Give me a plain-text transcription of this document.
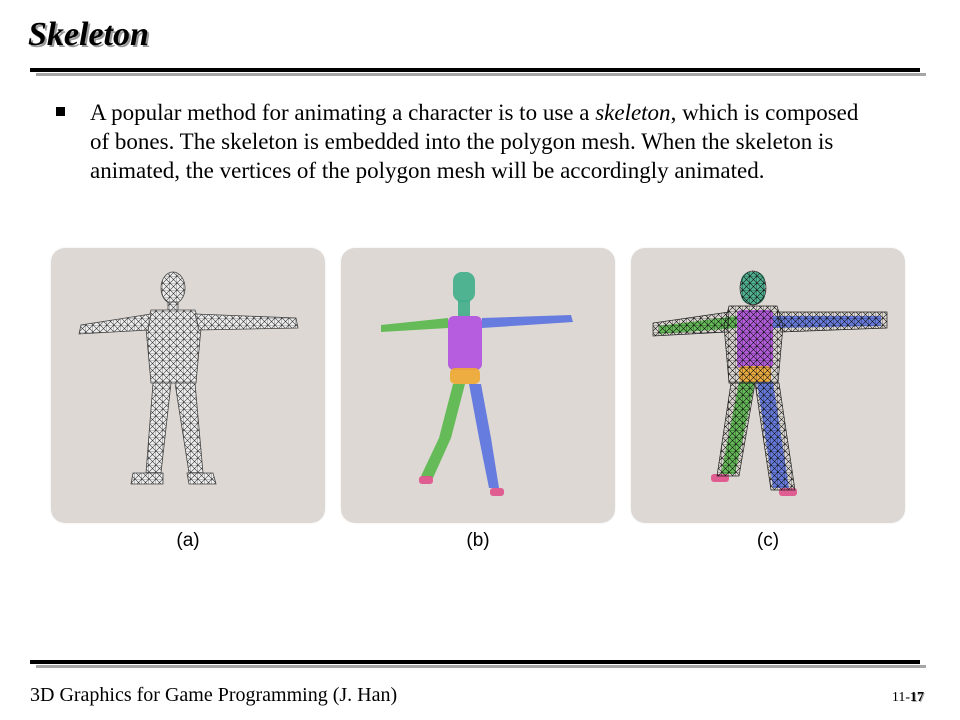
Skeleton
A popular method for animating a character is to use a skeleton, which is composed of bones. The skeleton is embedded into the polygon mesh. When the skeleton is animated, the vertices of the polygon mesh will be accordingly animated.
(a)	(b)	(c)
3D Graphics for Game Programming (J. Han)	11-17
